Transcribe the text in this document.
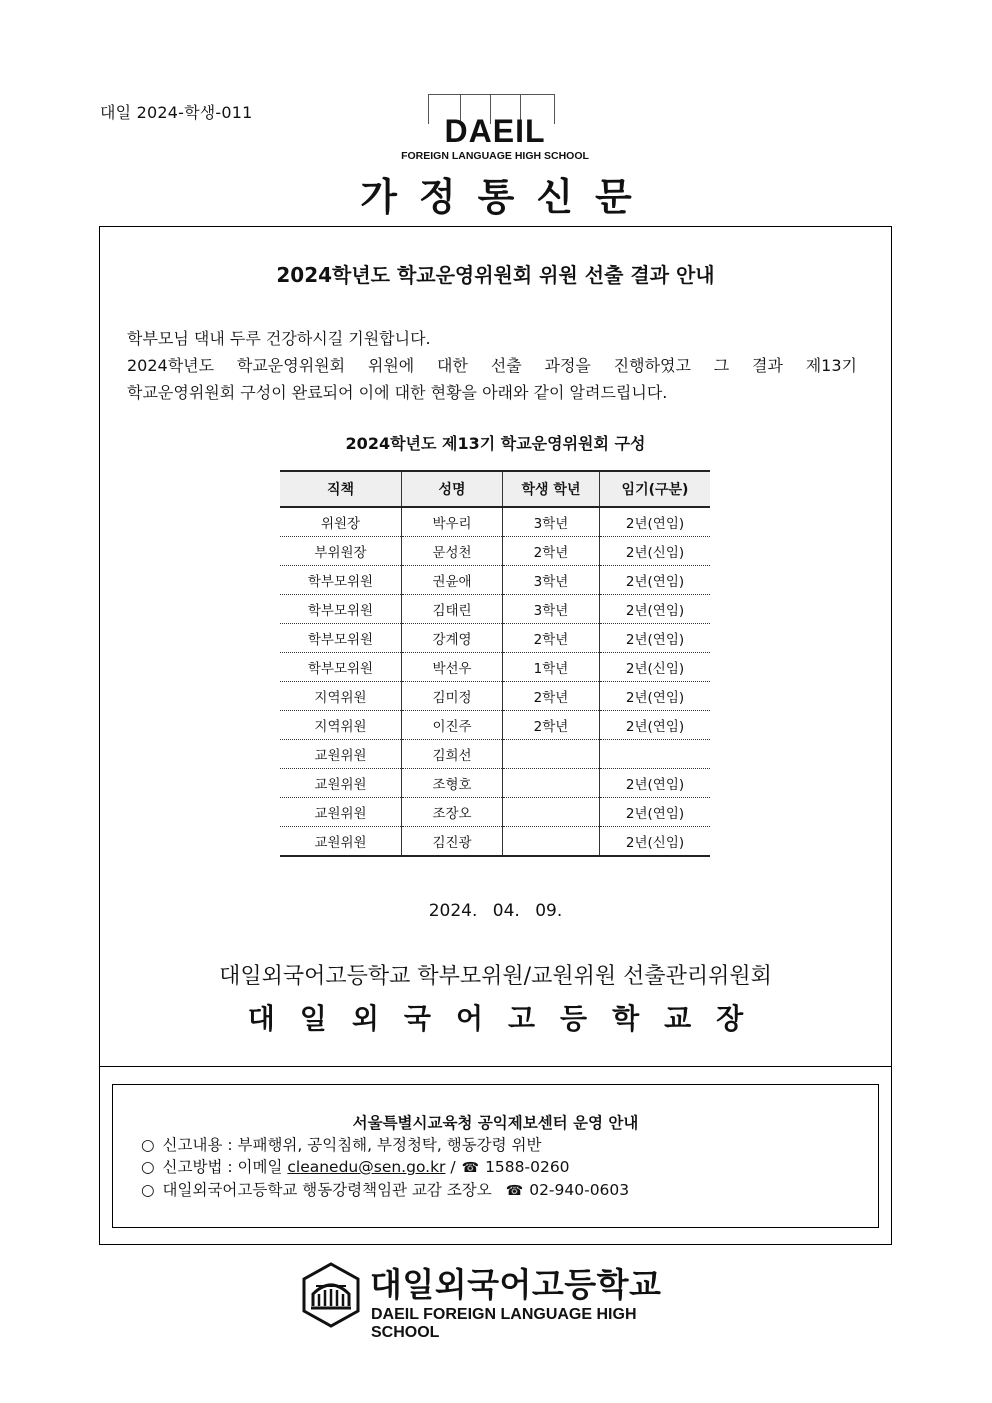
대일 2024-학생-011
DAEIL
FOREIGN LANGUAGE HIGH SCHOOL
가정통신문
2024학년도 학교운영위원회 위원 선출 결과 안내

학부모님 댁내 두루 건강하시길 기원합니다.

2024학년도 학교운영위원회 위원에 대한 선출 과정을 진행하였고 그 결과 제13기

학교운영위원회 구성이 완료되어 이에 대한 현황을 아래와 같이 알려드립니다.

2024학년도 제13기 학교운영위원회 구성
직책	성명	학생 학년	임기(구분)
위원장	박우리	3학년	2년(연임)
부위원장	문성천	2학년	2년(신임)
학부모위원	권윤애	3학년	2년(연임)
학부모위원	김태린	3학년	2년(연임)
학부모위원	강계영	2학년	2년(연임)
학부모위원	박선우	1학년	2년(신임)
지역위원	김미정	2학년	2년(연임)
지역위원	이진주	2학년	2년(연임)
교원위원	김희선		
교원위원	조형호		2년(연임)
교원위원	조장오		2년(연임)
교원위원	김진광		2년(신임)
2024. 04. 09.
대일외국어고등학교 학부모위원/교원위원 선출관리위원회
대일외국어고등학교장
서울특별시교육청 공익제보센터 운영 안내
○ 신고내용 : 부패행위, 공익침해, 부정청탁, 행동강령 위반
○ 신고방법 : 이메일 cleanedu@sen.go.kr / ☎ 1588-0260
○ 대일외국어고등학교 행동강령책임관 교감 조장오 ☎ 02-940-0603
대일외국어고등학교
DAEIL FOREIGN LANGUAGE HIGH SCHOOL
